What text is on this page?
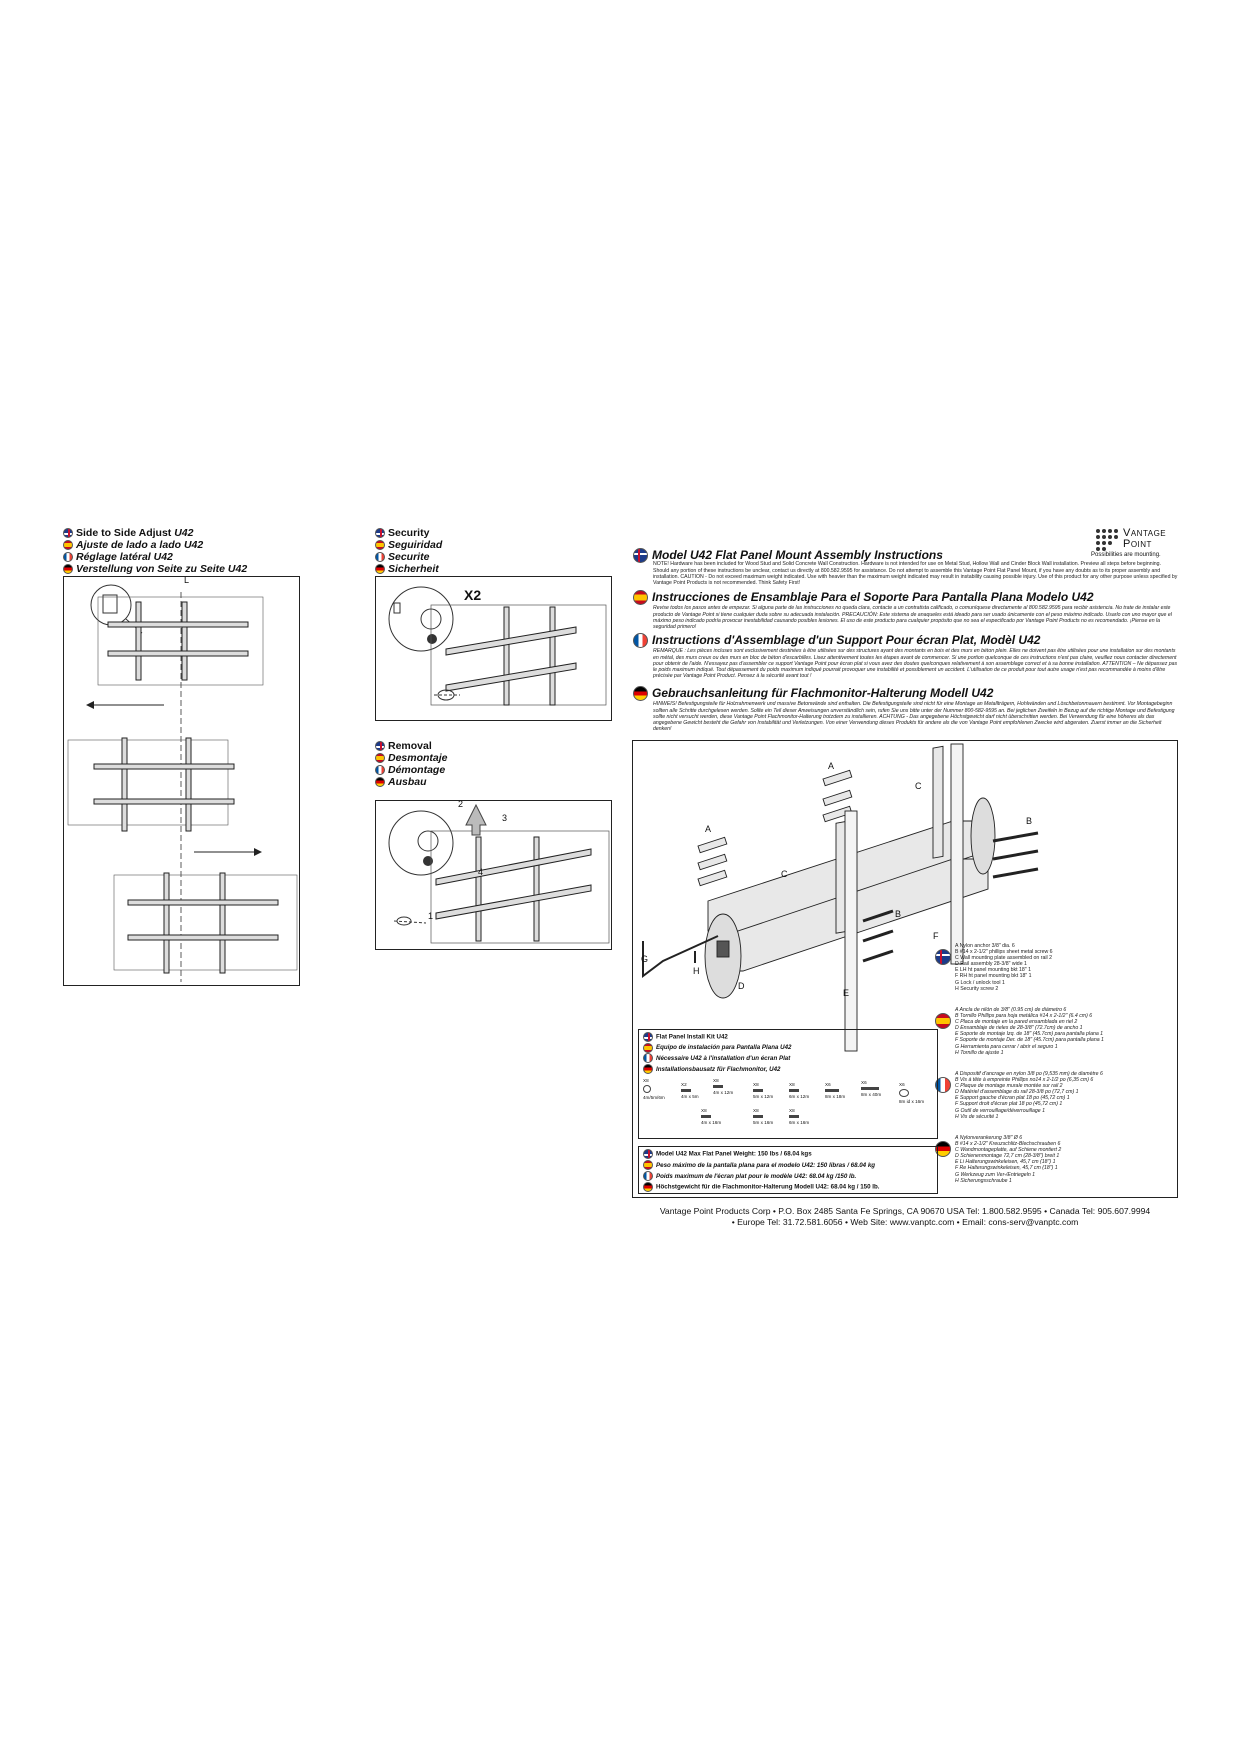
Side to Side Adjust U42
Ajuste de lado a lado U42
Réglage latéral U42
Verstellung von Seite zu Seite U42
L
Security
Seguiridad
Securite
Sicherheit
X2
Removal
Desmontaje
Démontage
Ausbau
1
2
3
4
Vantage
Point
Possibilities are mounting.
Model U42 Flat Panel Mount Assembly Instructions
NOTE! Hardware has been included for Wood Stud and Solid Concrete Wall Construction. Hardware is not intended for use on Metal Stud, Hollow Wall and Cinder Block Wall installation. Preview all steps before beginning. Should any portion of these instructions be unclear, contact us directly at 800.582.9595 for assistance. Do not attempt to assemble this Vantage Point Flat Panel Mount, if you have any doubts as to its proper assembly and installation. CAUTION - Do not exceed maximum weight indicated. Use with heavier than the maximum weight indicated may result in instability causing possible injury. Use of this product for any other purpose unless specified by Vantage Point Products is not recommended. Think Safety First!
Instrucciones de Ensamblaje Para el Soporte Para Pantalla Plana Modelo U42
Revise todos los pasos antes de empezar. Si alguna parte de las instrucciones no queda clara, contacte a un contratista calificado, o comuníquese directamente al 800.582.9595 para recibir asistencia. No trate de instalar este producto de Vantage Point si tiene cualquier duda sobre su adecuada instalación. PRECAUCIÓN: Este sistema de anaqueles está ideado para ser usado únicamente con el peso máximo indicado. Usarlo con uno mayor que el máximo peso indicado podría provocar inestabilidad causando posibles lesiones. El uso de este producto para cualquier propósito que no sea el especificado por Vantage Point Products no es recomendado. ¡Piense en la seguridad primero!
Instructions d'Assemblage d'un Support Pour écran Plat, Modèl U42
REMARQUE : Les pièces incluses sont exclusivement destinées à être utilisées sur des structures ayant des montants en bois et des murs en béton plein. Elles ne doivent pas être utilisées pour une installation sur des montants en métal, des murs creux ou des murs en bloc de béton d'escarbilles. Lisez attentivement toutes les étapes avant de commencer. Si une portion quelconque de ces instructions n'est pas claire, veuillez nous contacter directement pour obtenir de l'aide. N'essayez pas d'assembler ce support Vantage Point pour écran plat si vous avez des doutes quelconques relativement à son assemblage correct et à sa bonne installation. ATTENTION – Ne dépassez pas le poids maximum indiqué. Tout dépassement du poids maximum indiqué pourrait provoquer une instabilité et possiblement un accident. L'utilisation de ce produit pour tout autre usage n'est pas recommandée à moins d'être précisée par Vantage Point Product. Pensez à la sécurité avant tout !
Gebrauchsanleitung für Flachmonitor-Halterung Modell U42
HINWEIS! Befestigungsteile für Holzrahmenwerk und massive Betonwände sind enthalten. Die Befestigungsteile sind nicht für eine Montage an Metallträgern, Hohlwänden und Löschbetonmauern bestimmt. Vor Montagebeginn sollten alle Schritte durchgelesen werden. Sollte ein Teil dieser Anweisungen unverständlich sein, rufen Sie uns bitte unter der Nummer 800-582-9595 an. Bei jeglichen Zweifeln in Bezug auf die richtige Montage und Befestigung sollte nicht versucht werden, diese Vantage Point Flachmonitor-Halterung trotzdem zu installieren. ACHTUNG - Das angegebene Höchstgewicht darf nicht überschritten werden. Bei Verwendung für eine höheres als das angegebene Gewicht besteht die Gefahr von Instabilität und Verletzungen. Von einer Verwendung dieses Produkts für andere als die von Vantage Point empfohlenen Zwecke wird abgeraten. Zuerst immer an die Sicherheit denken!
A
A
B
B
C
C
D
E
F
G
H
A Nylon anchor 3/8" dia. 6
B #14 x 2-1/2" phillips sheet metal screw 6
C Wall mounting plate assembled on rail 2
D Rail assembly 28-3/8" wide 1
E LH ht panel mounting bkt 18" 1
F RH ht panel mounting bkt 18" 1
G Lock / unlock tool 1
H Security screw 2
A Ancla de nilón de 3/8" (0.95 cm) de diámetro 6
B Tornillo Phillips para hoja metálica #14 x 2-1/2" (6.4 cm) 6
C Placa de montaje en la pared ensamblada en riel 2
D Ensamblaje de rieles de 28-3/8" (72.7cm) de ancho 1
E Soporte de montaje Izq. de 18" (45.7cm) para pantalla plana 1
F Soporte de montaje Der. de 18" (45.7cm) para pantalla plana 1
G Herramienta para cerrar / abrir el seguro 1
H Tornillo de ajuste 1
A Dispositif d'ancrage en nylon 3/8 po (9,535 mm) de diamètre 6
B Vis à tête à empreinte Phillips no14 x 2-1/2 po (6,35 cm) 6
C Plaque de montage murale montée sur rail 2
D Matériel d'assemblage du rail 28-3/8 po (72,7 cm) 1
E Support gauche d'écran plat 18 po (45,72 cm) 1
F Support droit d'écran plat 18 po (45,72 cm) 1
G Outil de verrouillage/déverrouillage 1
H Vis de sécurité 1
A Nylonverankerung 3/8" Ø 6
B #14 x 2-1/2" Kreuzschlitz-Blechschrauben 6
C Wandmontageplatte, auf Schiene montiert 2
D Schienenmontage 72,7 cm (28-3/8") breit 1
E Li Halterungswinkeleisen, 45,7 cm (18") 1
F Re Halterungswinkeleisen, 45,7 cm (18") 1
G Werkzeug zum Ver-/Entriegeln 1
H Sicherungsschraube 1
Flat Panel Install Kit U42
Equipo de instalación para Pantalla Plana U42
Nécessaire U42 à l'installation d'un écran Plat
Installationsbausatz für Flachmonitor, U42
X8
4m/5m/6m
X2
4m x 5m
X8
4m x 12m
X8
5m x 12m
X8
6m x 12m
X6
8m x 18m
X6
8m x 40m
X6
8m id x 16m
X8
4m x 16m
X8
5m x 16m
X8
6m x 16m
Model U42 Max Flat Panel Weight: 150 lbs / 68.04 kgs
Peso máximo de la pantalla plana para el modelo U42: 150 libras / 68.04 kg
Poids maximum de l'écran plat pour le modèle U42: 68.04 kg /150 lb.
Höchstgewicht für die Flachmonitor-Halterung Modell U42: 68.04 kg / 150 lb.
Vantage Point Products Corp • P.O. Box 2485 Santa Fe Springs, CA 90670 USA Tel: 1.800.582.9595 • Canada Tel: 905.607.9994
• Europe Tel: 31.72.581.6056 • Web Site: www.vanptc.com • Email: cons-serv@vanptc.com
